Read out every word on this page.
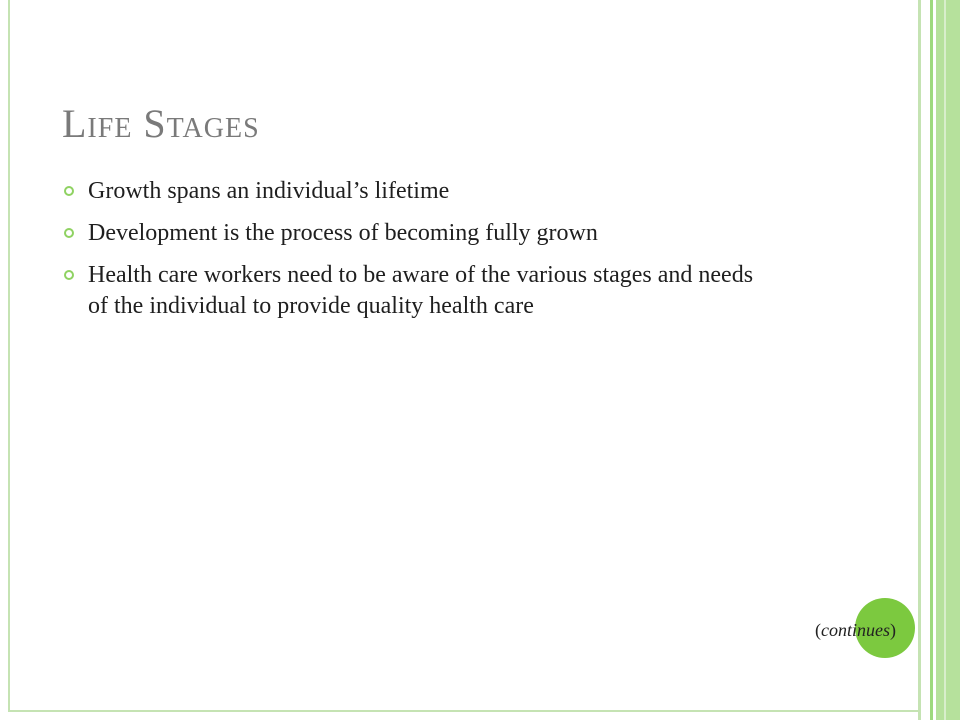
Life Stages
Growth spans an individual’s lifetime
Development is the process of becoming fully grown
Health care workers need to be aware of the various stages and needs of the individual to provide quality health care
(continues)
